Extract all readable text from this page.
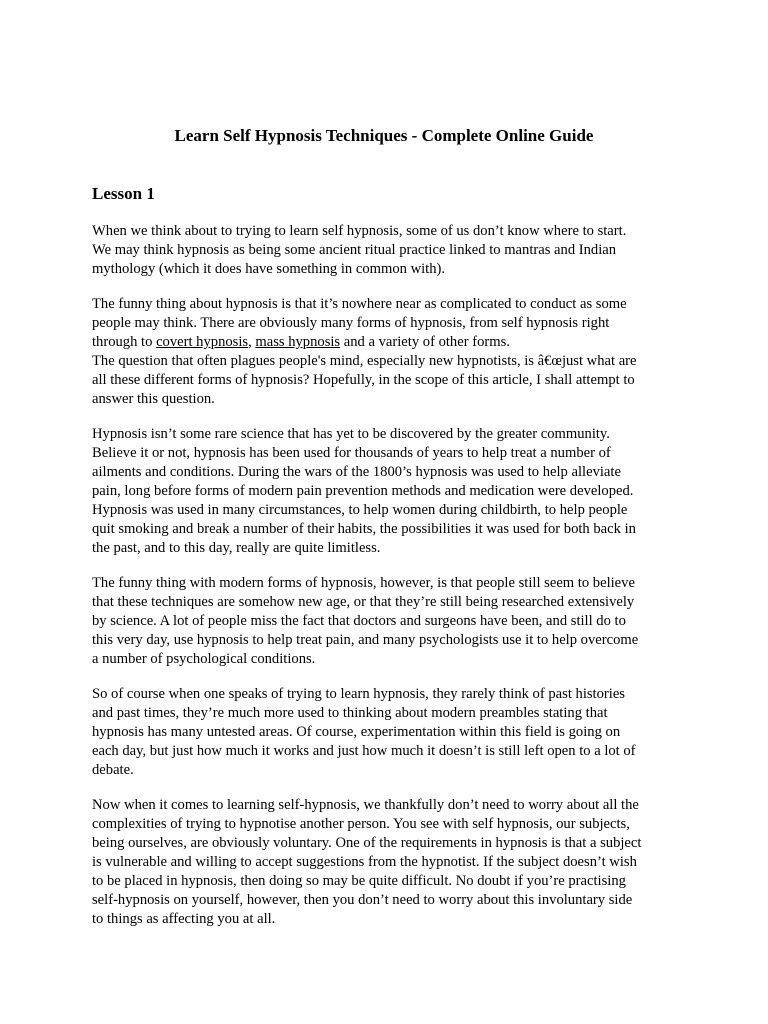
Learn Self Hypnosis Techniques - Complete Online Guide
Lesson 1

When we think about to trying to learn self hypnosis, some of us don’t know where to start.
We may think hypnosis as being some ancient ritual practice linked to mantras and Indian
mythology (which it does have something in common with).

The funny thing about hypnosis is that it’s nowhere near as complicated to conduct as some
people may think. There are obviously many forms of hypnosis, from self hypnosis right
through to covert hypnosis, mass hypnosis and a variety of other forms.
The question that often plagues people's mind, especially new hypnotists, is â€œjust what are
all these different forms of hypnosis? Hopefully, in the scope of this article, I shall attempt to
answer this question.

Hypnosis isn’t some rare science that has yet to be discovered by the greater community.
Believe it or not, hypnosis has been used for thousands of years to help treat a number of
ailments and conditions. During the wars of the 1800’s hypnosis was used to help alleviate
pain, long before forms of modern pain prevention methods and medication were developed.
Hypnosis was used in many circumstances, to help women during childbirth, to help people
quit smoking and break a number of their habits, the possibilities it was used for both back in
the past, and to this day, really are quite limitless.

The funny thing with modern forms of hypnosis, however, is that people still seem to believe
that these techniques are somehow new age, or that they’re still being researched extensively
by science. A lot of people miss the fact that doctors and surgeons have been, and still do to
this very day, use hypnosis to help treat pain, and many psychologists use it to help overcome
a number of psychological conditions.

So of course when one speaks of trying to learn hypnosis, they rarely think of past histories
and past times, they’re much more used to thinking about modern preambles stating that
hypnosis has many untested areas. Of course, experimentation within this field is going on
each day, but just how much it works and just how much it doesn’t is still left open to a lot of
debate.

Now when it comes to learning self-hypnosis, we thankfully don’t need to worry about all the
complexities of trying to hypnotise another person. You see with self hypnosis, our subjects,
being ourselves, are obviously voluntary. One of the requirements in hypnosis is that a subject
is vulnerable and willing to accept suggestions from the hypnotist. If the subject doesn’t wish
to be placed in hypnosis, then doing so may be quite difficult. No doubt if you’re practising
self-hypnosis on yourself, however, then you don’t need to worry about this involuntary side
to things as affecting you at all.
